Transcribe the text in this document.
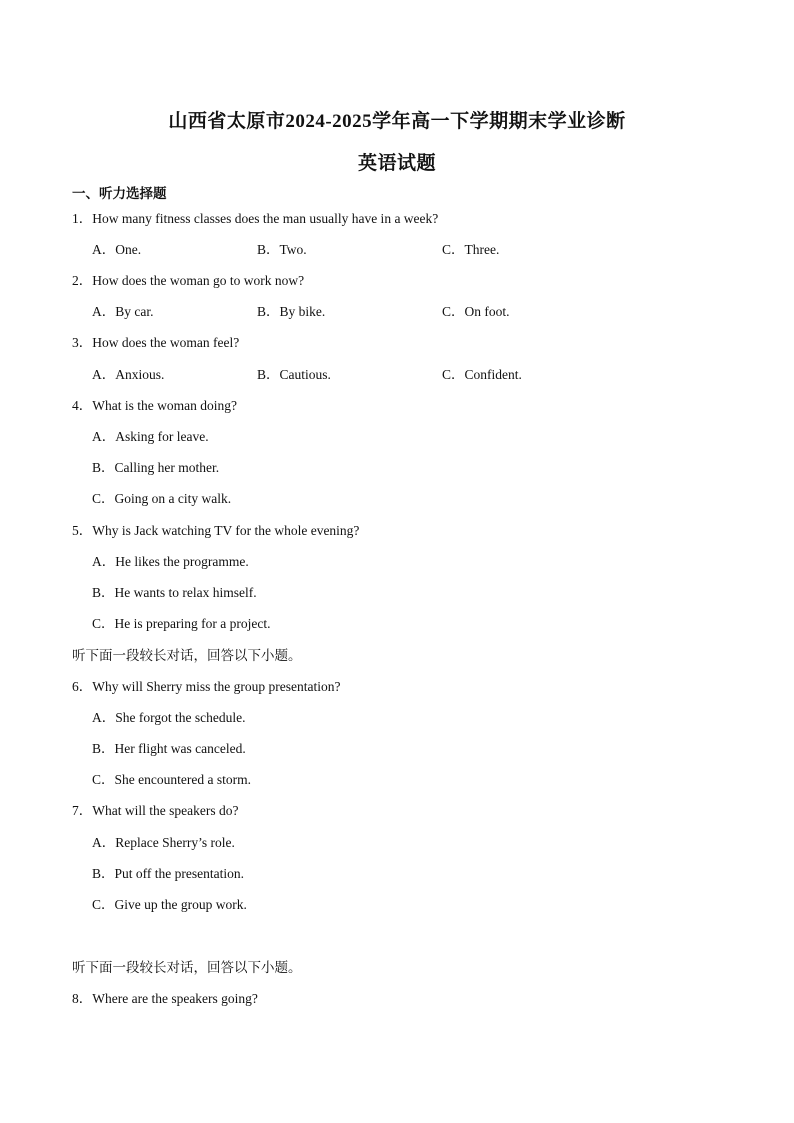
山西省太原市2024-2025学年高一下学期期末学业诊断
英语试题
一、听力选择题
1．How many fitness classes does the man usually have in a week?
A．One.	B．Two.	C．Three.
2．How does the woman go to work now?
A．By car.	B．By bike.	C．On foot.
3．How does the woman feel?
A．Anxious.	B．Cautious.	C．Confident.
4．What is the woman doing?
A．Asking for leave.
B．Calling her mother.
C．Going on a city walk.
5．Why is Jack watching TV for the whole evening?
A．He likes the programme.
B．He wants to relax himself.
C．He is preparing for a project.
听下面一段较长对话，回答以下小题。
6．Why will Sherry miss the group presentation?
A．She forgot the schedule.
B．Her flight was canceled.
C．She encountered a storm.
7．What will the speakers do?
A．Replace Sherry’s role.
B．Put off the presentation.
C．Give up the group work.
听下面一段较长对话，回答以下小题。
8．Where are the speakers going?
